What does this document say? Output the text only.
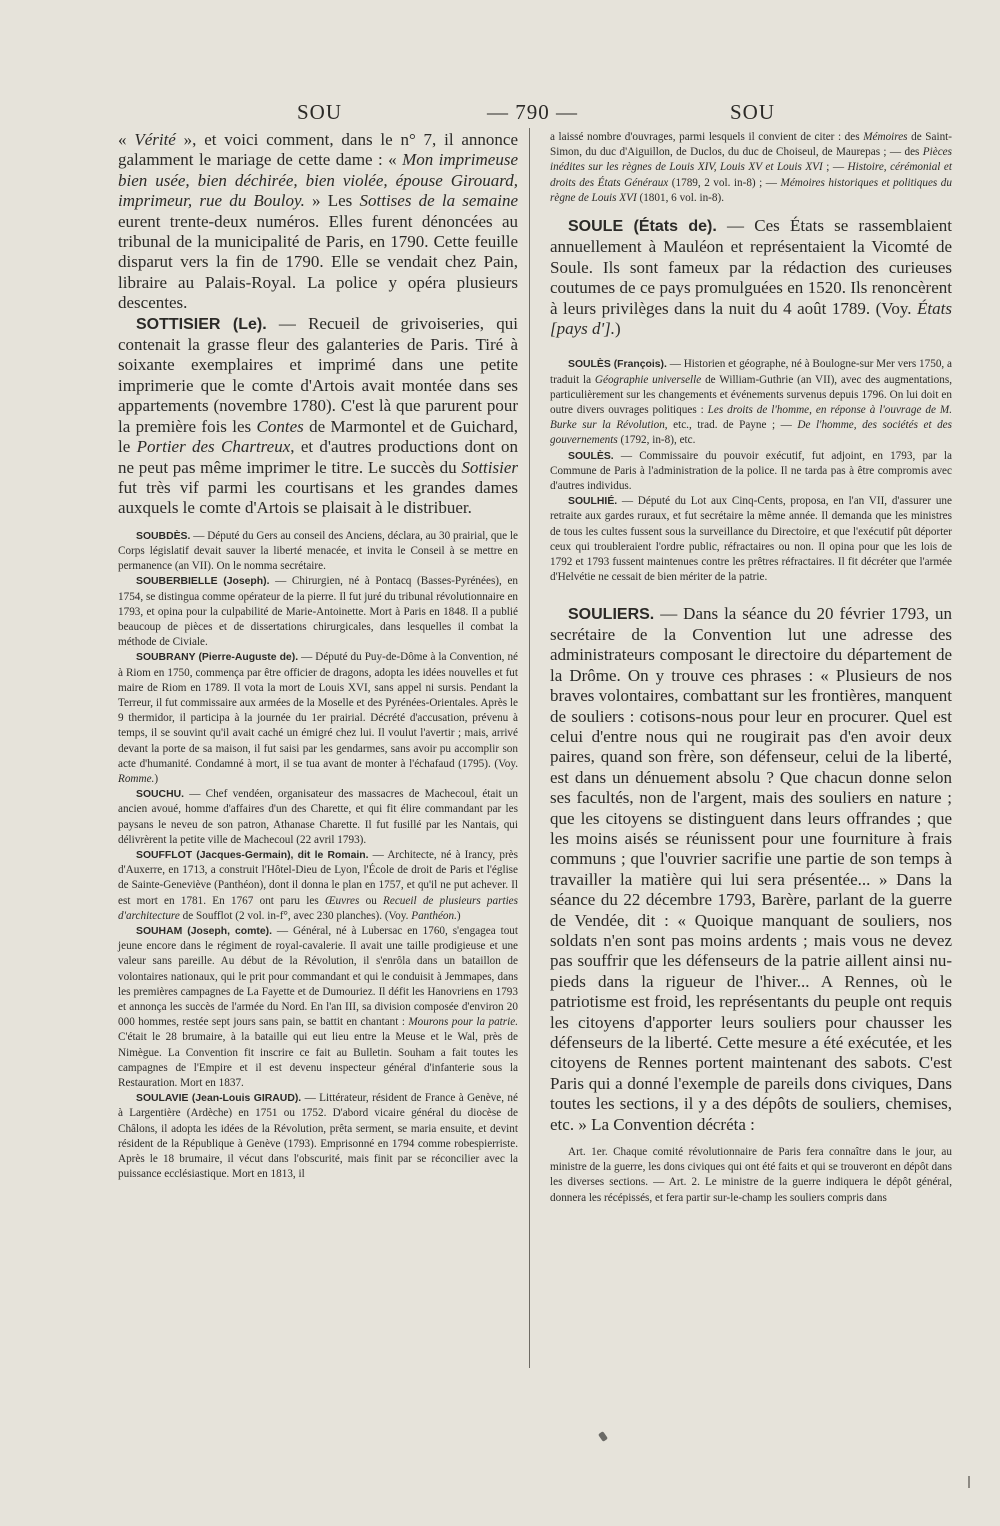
SOU	— 790 —	SOU

« Vérité », et voici comment, dans le n° 7, il annonce galamment le mariage de cette dame : « Mon imprimeuse bien usée, bien déchirée, bien violée, épouse Girouard, imprimeur, rue du Bouloy. » Les Sottises de la semaine eurent trente-deux numéros. Elles furent dénoncées au tribunal de la municipalité de Paris, en 1790. Cette feuille disparut vers la fin de 1790. Elle se vendait chez Pain, libraire au Palais-Royal. La police y opéra plusieurs descentes.

SOTTISIER (Le). — Recueil de grivoiseries, qui contenait la grasse fleur des galanteries de Paris. Tiré à soixante exemplaires et imprimé dans une petite imprimerie que le comte d'Artois avait montée dans ses appartements (novembre 1780). C'est là que parurent pour la première fois les Contes de Marmontel et de Guichard, le Portier des Chartreux, et d'autres productions dont on ne peut pas même imprimer le titre. Le succès du Sottisier fut très vif parmi les courtisans et les grandes dames auxquels le comte d'Artois se plaisait à le distribuer.

SOUBDÈS. — Député du Gers au conseil des Anciens, déclara, au 30 prairial, que le Corps législatif devait sauver la liberté menacée, et invita le Conseil à se mettre en permanence (an VII). On le nomma secrétaire.

SOUBERBIELLE (Joseph). — Chirurgien, né à Pontacq (Basses-Pyrénées), en 1754, se distingua comme opérateur de la pierre. Il fut juré du tribunal révolutionnaire en 1793, et opina pour la culpabilité de Marie-Antoinette. Mort à Paris en 1848. Il a publié beaucoup de pièces et de dissertations chirurgicales, dans lesquelles il combat la méthode de Civiale.

SOUBRANY (Pierre-Auguste de). — Député du Puy-de-Dôme à la Convention, né à Riom en 1750, commença par être officier de dragons, adopta les idées nouvelles et fut maire de Riom en 1789. Il vota la mort de Louis XVI, sans appel ni sursis. Pendant la Terreur, il fut commissaire aux armées de la Moselle et des Pyrénées-Orientales. Après le 9 thermidor, il participa à la journée du 1er prairial. Décrété d'accusation, prévenu à temps, il se souvint qu'il avait caché un émigré chez lui. Il voulut l'avertir ; mais, arrivé devant la porte de sa maison, il fut saisi par les gendarmes, sans avoir pu accomplir son acte d'humanité. Condamné à mort, il se tua avant de monter à l'échafaud (1795). (Voy. Romme.)

SOUCHU. — Chef vendéen, organisateur des massacres de Machecoul, était un ancien avoué, homme d'affaires d'un des Charette, et qui fit élire commandant par les paysans le neveu de son patron, Athanase Charette. Il fut fusillé par les Nantais, qui délivrèrent la petite ville de Machecoul (22 avril 1793).

SOUFFLOT (Jacques-Germain), dit le Romain. — Architecte, né à Irancy, près d'Auxerre, en 1713, a construit l'Hôtel-Dieu de Lyon, l'École de droit de Paris et l'église de Sainte-Geneviève (Panthéon), dont il donna le plan en 1757, et qu'il ne put achever. Il est mort en 1781. En 1767 ont paru les Œuvres ou Recueil de plusieurs parties d'architecture de Soufflot (2 vol. in-f°, avec 230 planches). (Voy. Panthéon.)

SOUHAM (Joseph, comte). — Général, né à Lubersac en 1760, s'engagea tout jeune encore dans le régiment de royal-cavalerie. Il avait une taille prodigieuse et une valeur sans pareille. Au début de la Révolution, il s'enrôla dans un bataillon de volontaires nationaux, qui le prit pour commandant et qui le conduisit à Jemmapes, dans les premières campagnes de La Fayette et de Dumouriez. Il défit les Hanovriens en 1793 et annonça les succès de l'armée du Nord. En l'an III, sa division composée d'environ 20 000 hommes, restée sept jours sans pain, se battit en chantant : Mourons pour la patrie. C'était le 28 brumaire, à la bataille qui eut lieu entre la Meuse et le Wal, près de Nimègue. La Convention fit inscrire ce fait au Bulletin. Souham a fait toutes les campagnes de l'Empire et il est devenu inspecteur général d'infanterie sous la Restauration. Mort en 1837.

SOULAVIE (Jean-Louis GIRAUD). — Littérateur, résident de France à Genève, né à Largentière (Ardèche) en 1751 ou 1752. D'abord vicaire général du diocèse de Châlons, il adopta les idées de la Révolution, prêta serment, se maria ensuite, et devint résident de la République à Genève (1793). Emprisonné en 1794 comme robespierriste. Après le 18 brumaire, il vécut dans l'obscurité, mais finit par se réconcilier avec la puissance ecclésiastique. Mort en 1813, il

a laissé nombre d'ouvrages, parmi lesquels il convient de citer : des Mémoires de Saint-Simon, du duc d'Aiguillon, de Duclos, du duc de Choiseul, de Maurepas ; — des Pièces inédites sur les règnes de Louis XIV, Louis XV et Louis XVI ; — Histoire, cérémonial et droits des États Généraux (1789, 2 vol. in-8) ; — Mémoires historiques et politiques du règne de Louis XVI (1801, 6 vol. in-8).

SOULE (États de). — Ces États se rassemblaient annuellement à Mauléon et représentaient la Vicomté de Soule. Ils sont fameux par la rédaction des curieuses coutumes de ce pays promulguées en 1520. Ils renoncèrent à leurs privilèges dans la nuit du 4 août 1789. (Voy. États [pays d'].)

SOULÈS (François). — Historien et géographe, né à Boulogne-sur Mer vers 1750, a traduit la Géographie universelle de William-Guthrie (an VII), avec des augmentations, particulièrement sur les changements et événements survenus depuis 1796. On lui doit en outre divers ouvrages politiques : Les droits de l'homme, en réponse à l'ouvrage de M. Burke sur la Révolution, etc., trad. de Payne ; — De l'homme, des sociétés et des gouvernements (1792, in-8), etc.

SOULÈS. — Commissaire du pouvoir exécutif, fut adjoint, en 1793, par la Commune de Paris à l'administration de la police. Il ne tarda pas à être compromis avec d'autres individus.

SOULHIÉ. — Député du Lot aux Cinq-Cents, proposa, en l'an VII, d'assurer une retraite aux gardes ruraux, et fut secrétaire la même année. Il demanda que les ministres de tous les cultes fussent sous la surveillance du Directoire, et que l'exécutif pût déporter ceux qui troubleraient l'ordre public, réfractaires ou non. Il opina pour que les lois de 1792 et 1793 fussent maintenues contre les prêtres réfractaires. Il fit décréter que l'armée d'Helvétie ne cessait de bien mériter de la patrie.

SOULIERS. — Dans la séance du 20 février 1793, un secrétaire de la Convention lut une adresse des administrateurs composant le directoire du département de la Drôme. On y trouve ces phrases : « Plusieurs de nos braves volontaires, combattant sur les frontières, manquent de souliers : cotisons-nous pour leur en procurer. Quel est celui d'entre nous qui ne rougirait pas d'en avoir deux paires, quand son frère, son défenseur, celui de la liberté, est dans un dénuement absolu ? Que chacun donne selon ses facultés, non de l'argent, mais des souliers en nature ; que les citoyens se distinguent dans leurs offrandes ; que les moins aisés se réunissent pour une fourniture à frais communs ; que l'ouvrier sacrifie une partie de son temps à travailler la matière qui lui sera présentée... » Dans la séance du 22 décembre 1793, Barère, parlant de la guerre de Vendée, dit : « Quoique manquant de souliers, nos soldats n'en sont pas moins ardents ; mais vous ne devez pas souffrir que les défenseurs de la patrie aillent ainsi nu-pieds dans la rigueur de l'hiver... A Rennes, où le patriotisme est froid, les représentants du peuple ont requis les citoyens d'apporter leurs souliers pour chausser les défenseurs de la liberté. Cette mesure a été exécutée, et les citoyens de Rennes portent maintenant des sabots. C'est Paris qui a donné l'exemple de pareils dons civiques, Dans toutes les sections, il y a des dépôts de souliers, chemises, etc. » La Convention décréta :

Art. 1er. Chaque comité révolutionnaire de Paris fera connaître dans le jour, au ministre de la guerre, les dons civiques qui ont été faits et qui se trouveront en dépôt dans les diverses sections. — Art. 2. Le ministre de la guerre indiquera le dépôt général, donnera les récépissés, et fera partir sur-le-champ les souliers compris dans
